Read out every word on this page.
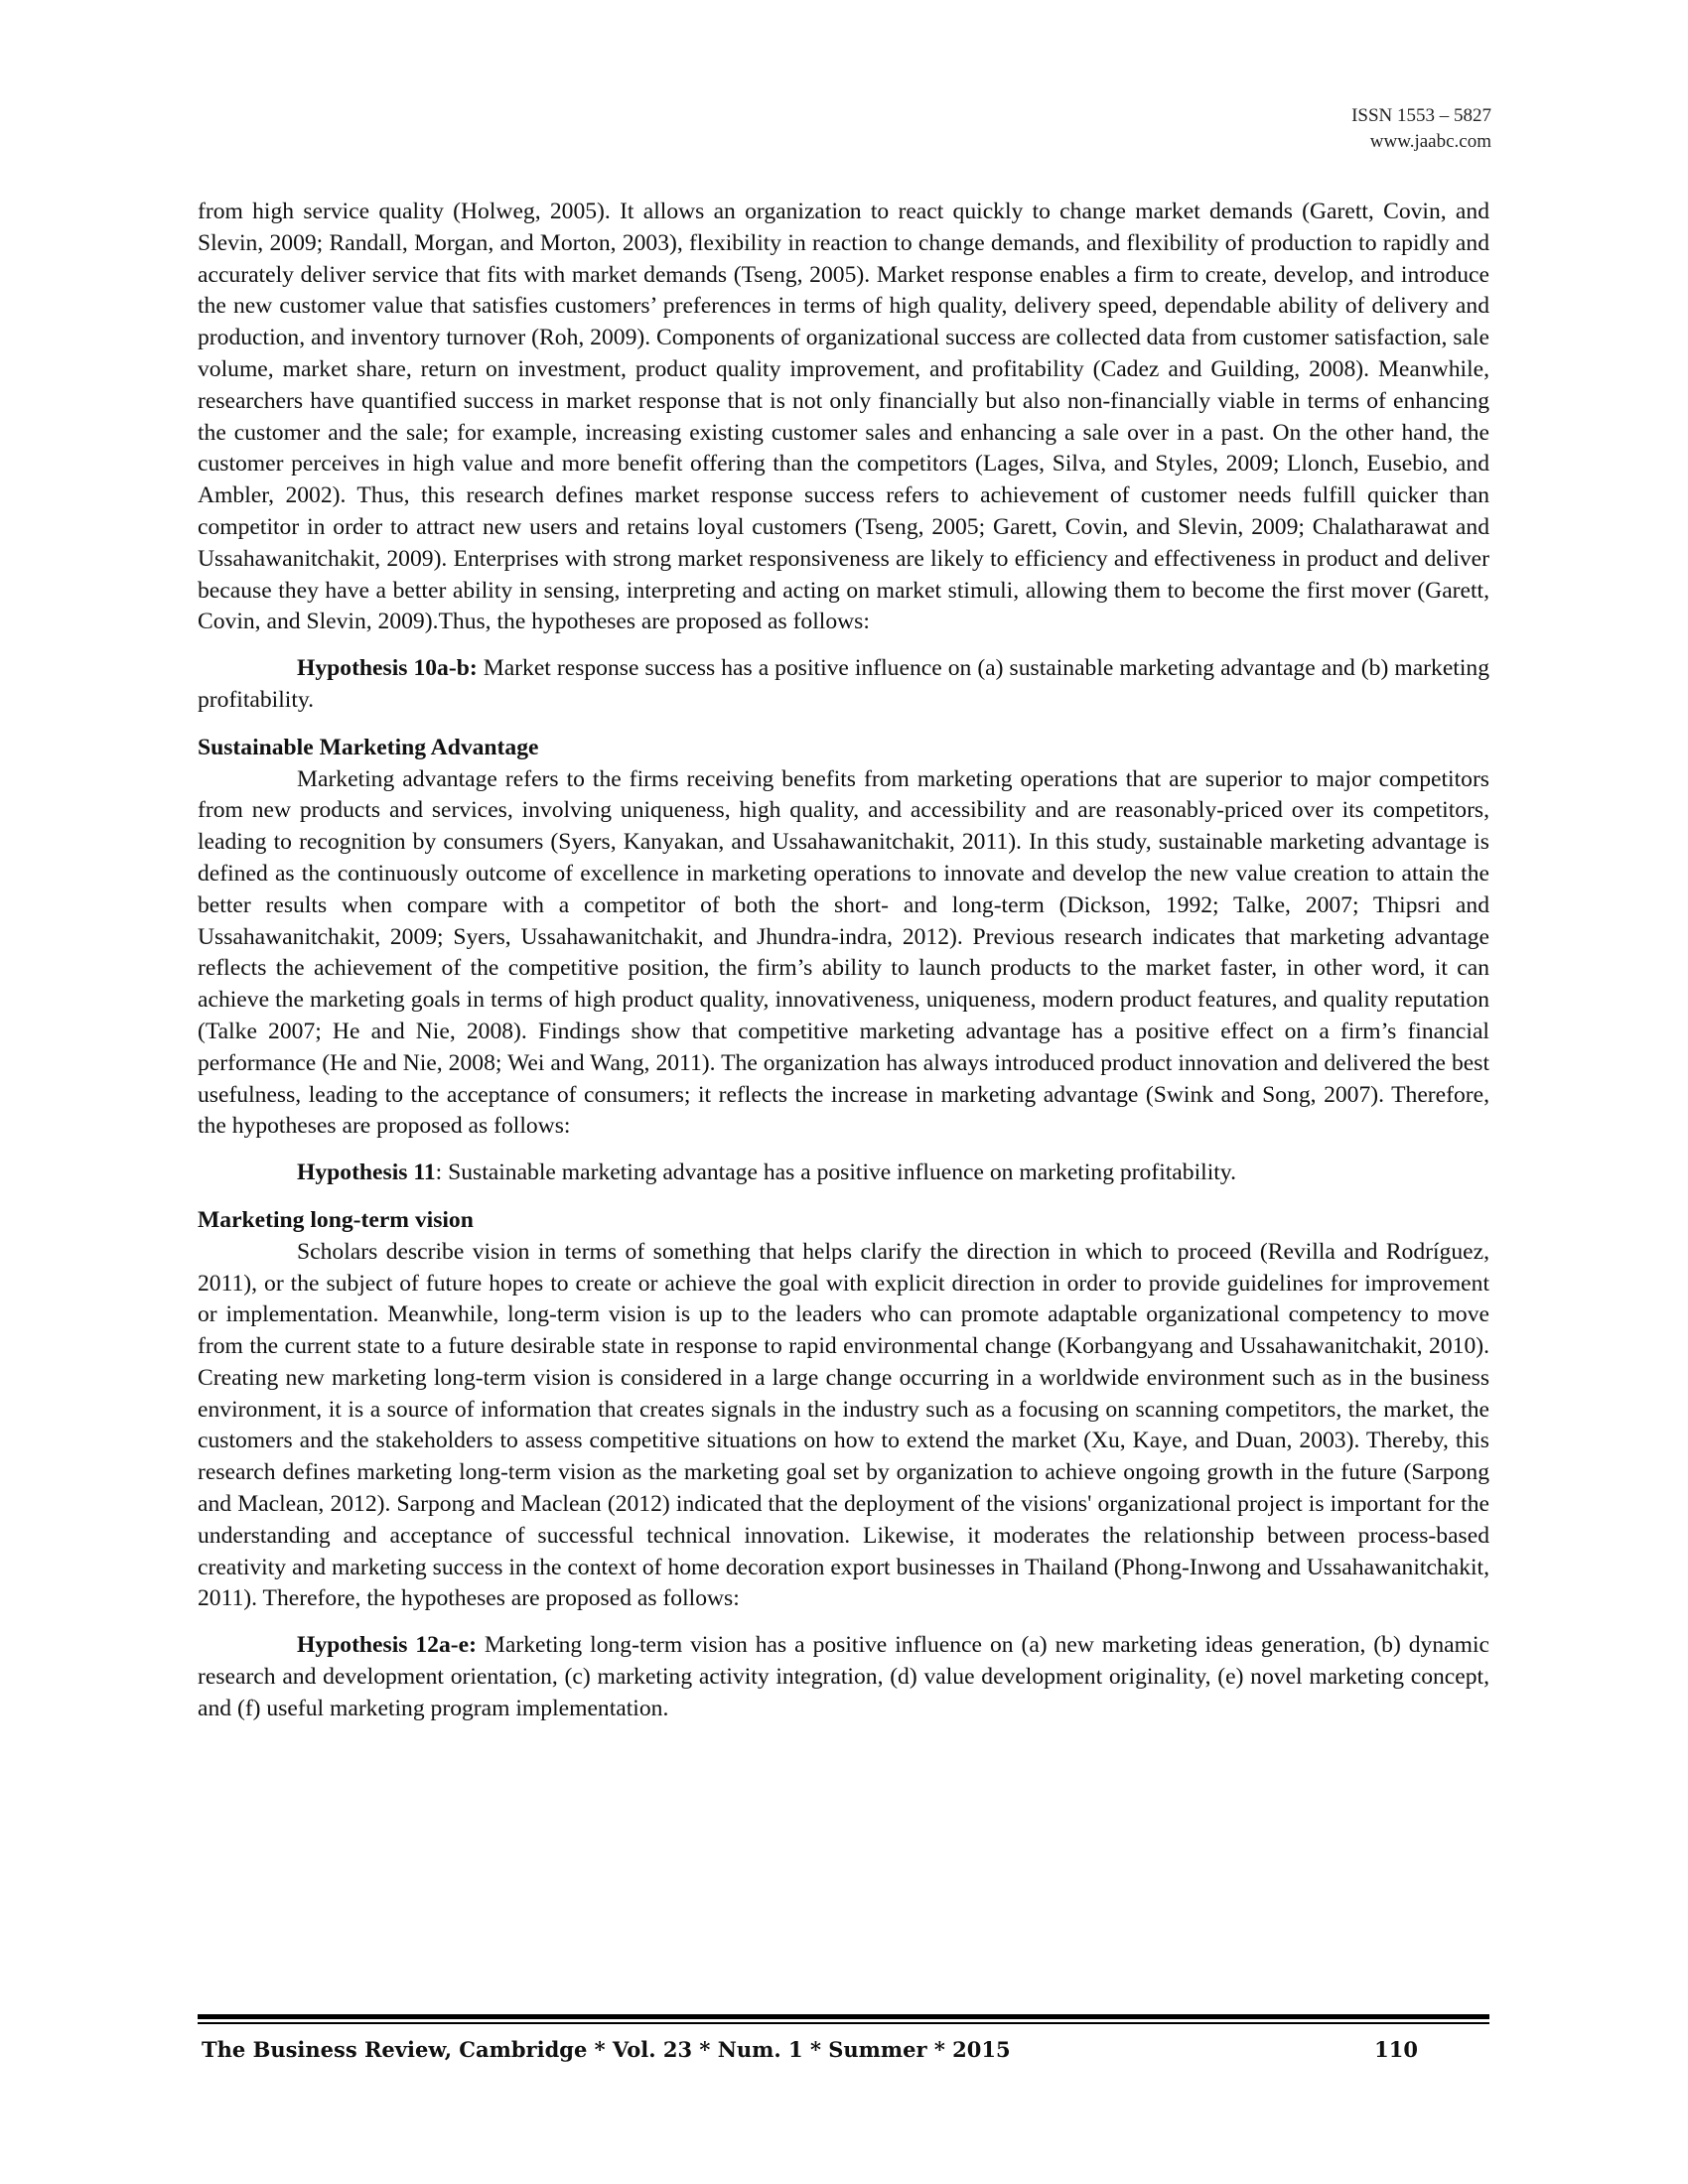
ISSN 1553 – 5827
www.jaabc.com

from high service quality (Holweg, 2005). It allows an organization to react quickly to change market demands (Garett, Covin, and Slevin, 2009; Randall, Morgan, and Morton, 2003), flexibility in reaction to change demands, and flexibility of production to rapidly and accurately deliver service that fits with market demands (Tseng, 2005). Market response enables a firm to create, develop, and introduce the new customer value that satisfies customers’ preferences in terms of high quality, delivery speed, dependable ability of delivery and production, and inventory turnover (Roh, 2009). Components of organizational success are collected data from customer satisfaction, sale volume, market share, return on investment, product quality improvement, and profitability (Cadez and Guilding, 2008). Meanwhile, researchers have quantified success in market response that is not only financially but also non-financially viable in terms of enhancing the customer and the sale; for example, increasing existing customer sales and enhancing a sale over in a past. On the other hand, the customer perceives in high value and more benefit offering than the competitors (Lages, Silva, and Styles, 2009; Llonch, Eusebio, and Ambler, 2002). Thus, this research defines market response success refers to achievement of customer needs fulfill quicker than competitor in order to attract new users and retains loyal customers (Tseng, 2005; Garett, Covin, and Slevin, 2009; Chalatharawat and Ussahawanitchakit, 2009). Enterprises with strong market responsiveness are likely to efficiency and effectiveness in product and deliver because they have a better ability in sensing, interpreting and acting on market stimuli, allowing them to become the first mover (Garett, Covin, and Slevin, 2009).Thus, the hypotheses are proposed as follows:

Hypothesis 10a-b: Market response success has a positive influence on (a) sustainable marketing advantage and (b) marketing profitability.

Sustainable Marketing Advantage

Marketing advantage refers to the firms receiving benefits from marketing operations that are superior to major competitors from new products and services, involving uniqueness, high quality, and accessibility and are reasonably-priced over its competitors, leading to recognition by consumers (Syers, Kanyakan, and Ussahawanitchakit, 2011). In this study, sustainable marketing advantage is defined as the continuously outcome of excellence in marketing operations to innovate and develop the new value creation to attain the better results when compare with a competitor of both the short- and long-term (Dickson, 1992; Talke, 2007; Thipsri and Ussahawanitchakit, 2009; Syers, Ussahawanitchakit, and Jhundra-indra, 2012). Previous research indicates that marketing advantage reflects the achievement of the competitive position, the firm’s ability to launch products to the market faster, in other word, it can achieve the marketing goals in terms of high product quality, innovativeness, uniqueness, modern product features, and quality reputation (Talke 2007; He and Nie, 2008). Findings show that competitive marketing advantage has a positive effect on a firm’s financial performance (He and Nie, 2008; Wei and Wang, 2011). The organization has always introduced product innovation and delivered the best usefulness, leading to the acceptance of consumers; it reflects the increase in marketing advantage (Swink and Song, 2007). Therefore, the hypotheses are proposed as follows:

Hypothesis 11: Sustainable marketing advantage has a positive influence on marketing profitability.

Marketing long-term vision

Scholars describe vision in terms of something that helps clarify the direction in which to proceed (Revilla and Rodríguez, 2011), or the subject of future hopes to create or achieve the goal with explicit direction in order to provide guidelines for improvement or implementation. Meanwhile, long-term vision is up to the leaders who can promote adaptable organizational competency to move from the current state to a future desirable state in response to rapid environmental change (Korbangyang and Ussahawanitchakit, 2010). Creating new marketing long-term vision is considered in a large change occurring in a worldwide environment such as in the business environment, it is a source of information that creates signals in the industry such as a focusing on scanning competitors, the market, the customers and the stakeholders to assess competitive situations on how to extend the market (Xu, Kaye, and Duan, 2003). Thereby, this research defines marketing long-term vision as the marketing goal set by organization to achieve ongoing growth in the future (Sarpong and Maclean, 2012). Sarpong and Maclean (2012) indicated that the deployment of the visions' organizational project is important for the understanding and acceptance of successful technical innovation. Likewise, it moderates the relationship between process-based creativity and marketing success in the context of home decoration export businesses in Thailand (Phong-Inwong and Ussahawanitchakit, 2011). Therefore, the hypotheses are proposed as follows:

Hypothesis 12a-e: Marketing long-term vision has a positive influence on (a) new marketing ideas generation, (b) dynamic research and development orientation, (c) marketing activity integration, (d) value development originality, (e) novel marketing concept, and (f) useful marketing program implementation.

The Business Review, Cambridge * Vol. 23 * Num. 1 * Summer * 2015	110
